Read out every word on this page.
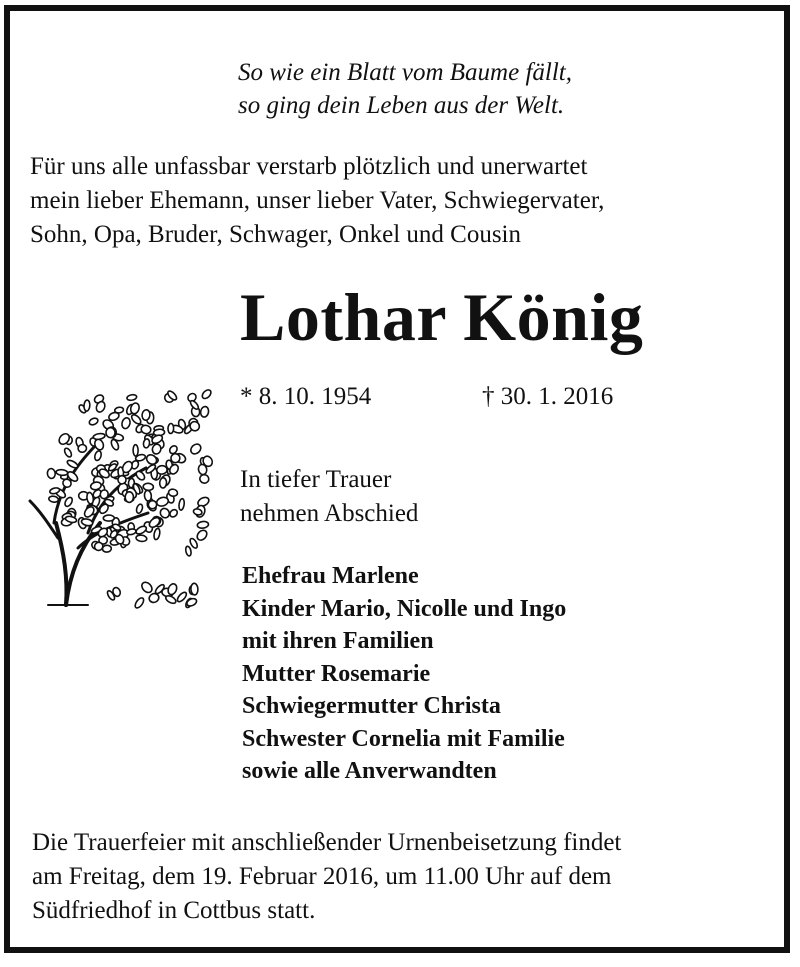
So wie ein Blatt vom Baume fällt,
so ging dein Leben aus der Welt.
Für uns alle unfassbar verstarb plötzlich und unerwartet
mein lieber Ehemann, unser lieber Vater, Schwiegervater,
Sohn, Opa, Bruder, Schwager, Onkel und Cousin
Lothar König
* 8. 10. 1954	† 30. 1. 2016
In tiefer Trauer
nehmen Abschied
Ehefrau Marlene
Kinder Mario, Nicolle und Ingo
mit ihren Familien
Mutter Rosemarie
Schwiegermutter Christa
Schwester Cornelia mit Familie
sowie alle Anverwandten
Die Trauerfeier mit anschließender Urnenbeisetzung findet
am Freitag, dem 19. Februar 2016, um 11.00 Uhr auf dem
Südfriedhof in Cottbus statt.
